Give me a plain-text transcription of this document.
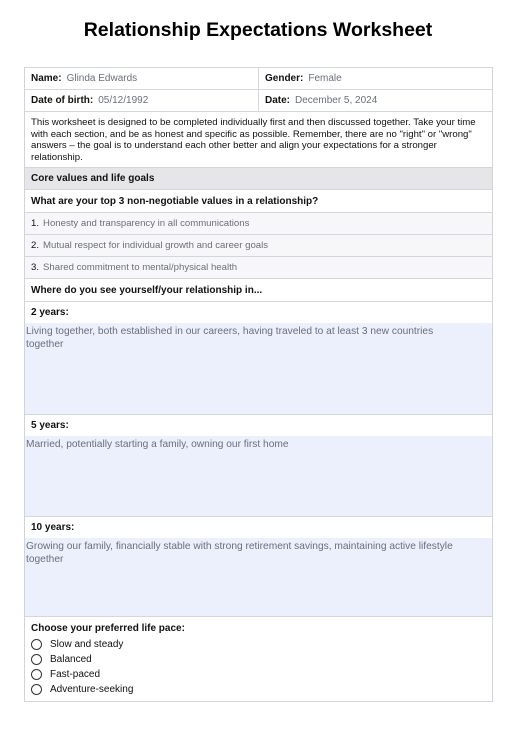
Relationship Expectations Worksheet
Name: Glinda Edwards	Gender: Female
Date of birth: 05/12/1992	Date: December 5, 2024
This worksheet is designed to be completed individually first and then discussed together. Take your time with each section, and be as honest and specific as possible. Remember, there are no "right" or "wrong" answers – the goal is to understand each other better and align your expectations for a stronger relationship.
Core values and life goals
What are your top 3 non-negotiable values in a relationship?
1. Honesty and transparency in all communications
2. Mutual respect for individual growth and career goals
3. Shared commitment to mental/physical health
Where do you see yourself/your relationship in...
2 years:
Living together, both established in our careers, having traveled to at least 3 new countries together
5 years:
Married, potentially starting a family, owning our first home
10 years:
Growing our family, financially stable with strong retirement savings, maintaining active lifestyle together
Choose your preferred life pace:
Slow and steady
Balanced
Fast-paced
Adventure-seeking
